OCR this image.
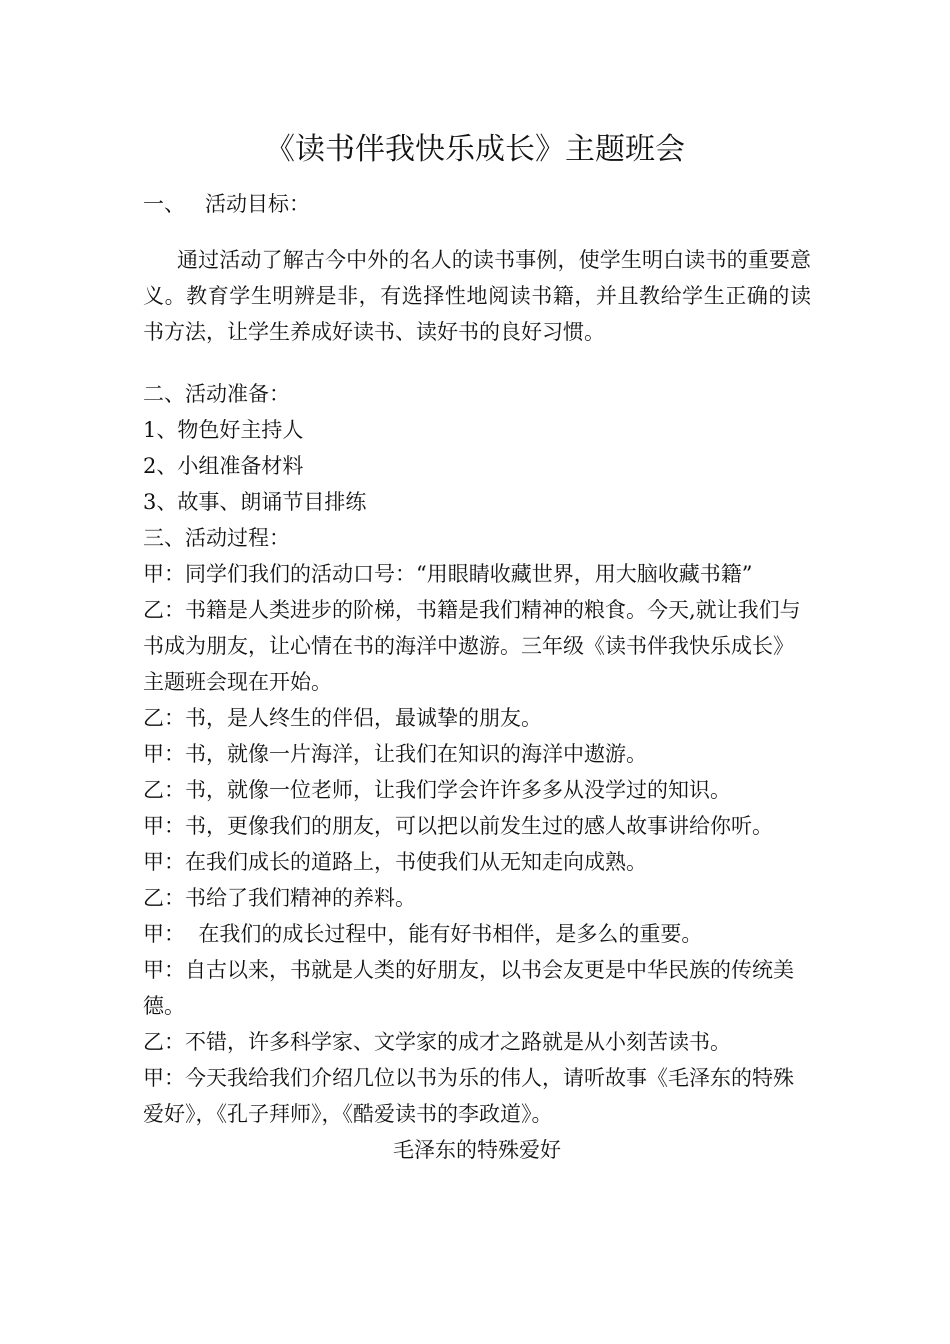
《读书伴我快乐成长》主题班会

一、   活动目标：

通过活动了解古今中外的名人的读书事例，使学生明白读书的重要意义。教育学生明辨是非，有选择性地阅读书籍，并且教给学生正确的读书方法，让学生养成好读书、读好书的良好习惯。

二、活动准备：

1、物色好主持人

2、小组准备材料

3、故事、朗诵节目排练

三、活动过程：

甲：同学们我们的活动口号：“用眼睛收藏世界，用大脑收藏书籍”

乙：书籍是人类进步的阶梯，书籍是我们精神的粮食。今天,就让我们与书成为朋友，让心情在书的海洋中遨游。三年级《读书伴我快乐成长》主题班会现在开始。

乙：书，是人终生的伴侣，最诚挚的朋友。

甲：书，就像一片海洋，让我们在知识的海洋中遨游。

乙：书，就像一位老师，让我们学会许许多多从没学过的知识。

甲：书，更像我们的朋友，可以把以前发生过的感人故事讲给你听。

甲：在我们成长的道路上，书使我们从无知走向成熟。

乙：书给了我们精神的养料。

甲：  在我们的成长过程中，能有好书相伴，是多么的重要。

甲：自古以来，书就是人类的好朋友，以书会友更是中华民族的传统美德。

乙：不错，许多科学家、文学家的成才之路就是从小刻苦读书。

甲：今天我给我们介绍几位以书为乐的伟人，请听故事《毛泽东的特殊爱好》，《孔子拜师》，《酷爱读书的李政道》。

毛泽东的特殊爱好
